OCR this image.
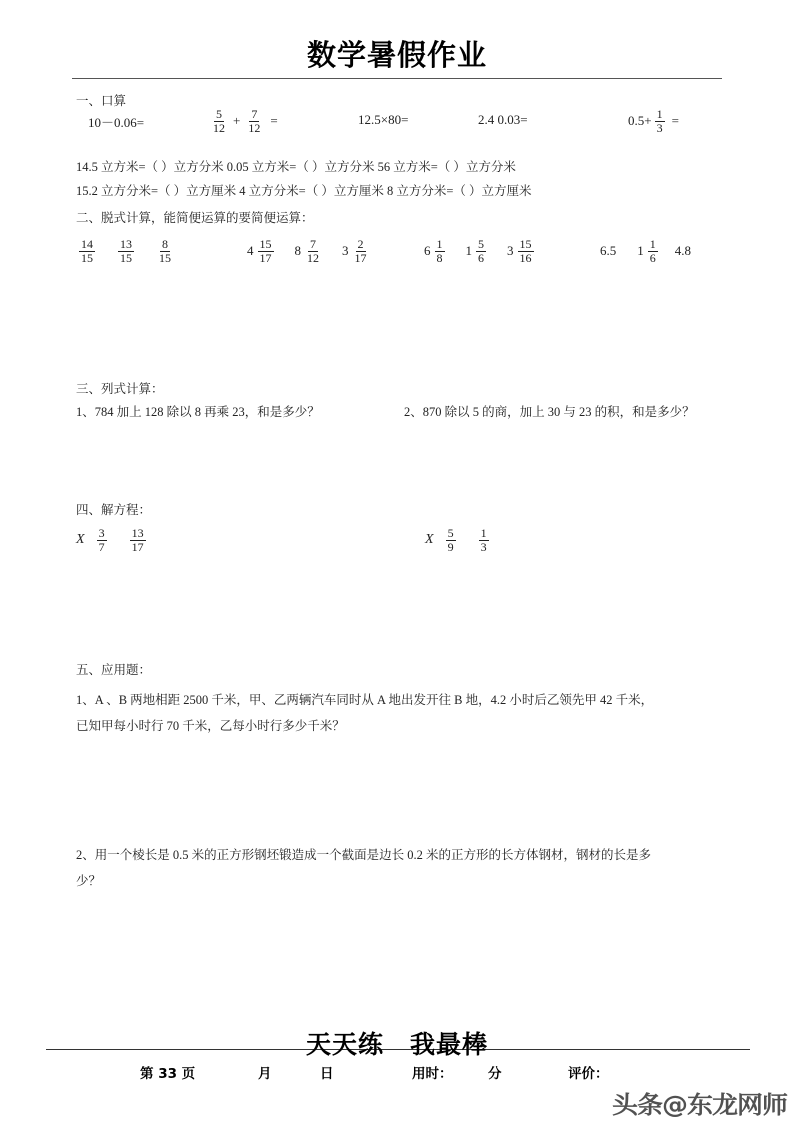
数学暑假作业
一、口算
10－0.06=	$\frac{5}{12} + \frac{7}{12}$ =	12.5×80=	2.4 0.03=	$0.5+ \frac{1}{3}$ =
14.5 立方米=（ ）立方分米 0.05 立方米=（ ）立方分米 56 立方米=（ ）立方分米
15.2 立方分米=（ ）立方厘米 4 立方分米=（ ）立方厘米 8 立方分米=（ ）立方厘米
二、脱式计算，能简便运算的要简便运算：
$\frac{14}{15} \frac{13}{15} \frac{8}{15}$	$4 \frac{15}{17} 8 \frac{7}{12} 3 \frac{2}{17}$	$6 \frac{1}{8} 1 \frac{5}{6} 3 \frac{15}{16}$	6.5 $1 \frac{1}{6} 4.8$
三、列式计算：
1、784 加上 128 除以 8 再乘 23，和是多少？	2、870 除以 5 的商，加上 30 与 23 的积，和是多少？
四、解方程：
X $\frac{3}{7} \frac{13}{17}$	X $\frac{5}{9} \frac{1}{3}$
五、应用题：
1、A 、B 两地相距 2500 千米，甲、乙两辆汽车同时从 A 地出发开往 B 地，4.2 小时后乙领先甲 42 千米，
已知甲每小时行 70 千米，乙每小时行多少千米？
2、用一个棱长是 0.5 米的正方形钢坯锻造成一个截面是边长 0.2 米的正方形的长方体钢材，钢材的长是多
少？
天天练　我最棒
第 33 页	月	日	用时：	分	评价：
头条@东龙网师
